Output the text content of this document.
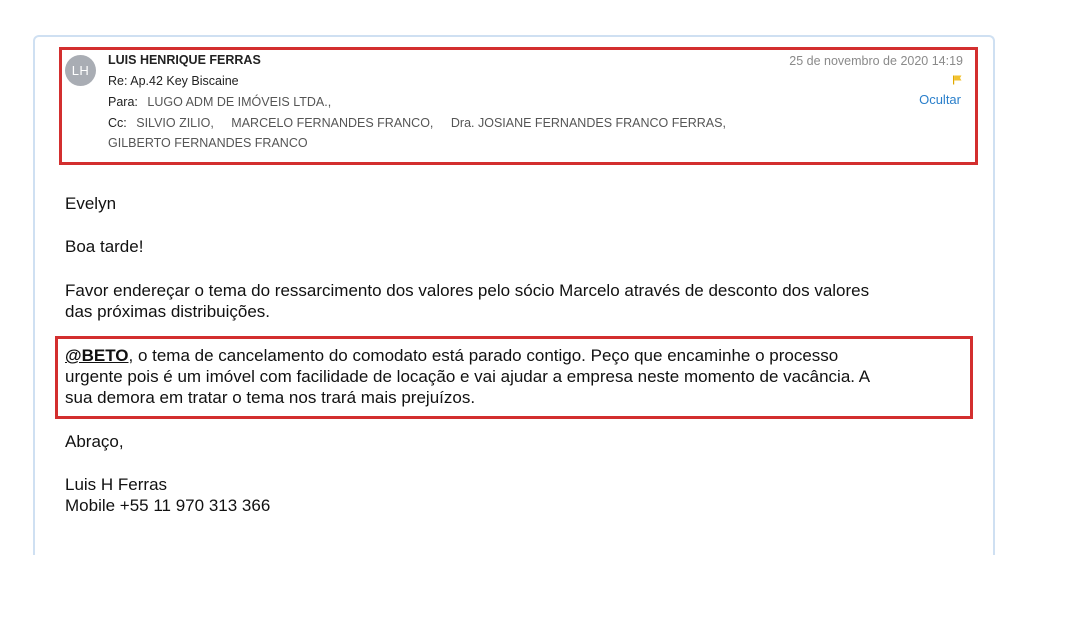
LH
LUIS HENRIQUE FERRAS	25 de novembro de 2020 14:19
Ocultar
Re: Ap.42 Key Biscaine
Para: LUGO ADM DE IMÓVEIS LTDA.,
Cc: SILVIO ZILIO, MARCELO FERNANDES FRANCO, Dra. JOSIANE FERNANDES FRANCO FERRAS,
GILBERTO FERNANDES FRANCO
Evelyn
Boa tarde!
Favor endereçar o tema do ressarcimento dos valores pelo sócio Marcelo através de desconto dos valores
das próximas distribuições.
@BETO, o tema de cancelamento do comodato está parado contigo. Peço que encaminhe o processo
urgente pois é um imóvel com facilidade de locação e vai ajudar a empresa neste momento de vacância. A
sua demora em tratar o tema nos trará mais prejuízos.
Abraço,
Luis H Ferras
Mobile +55 11 970 313 366
